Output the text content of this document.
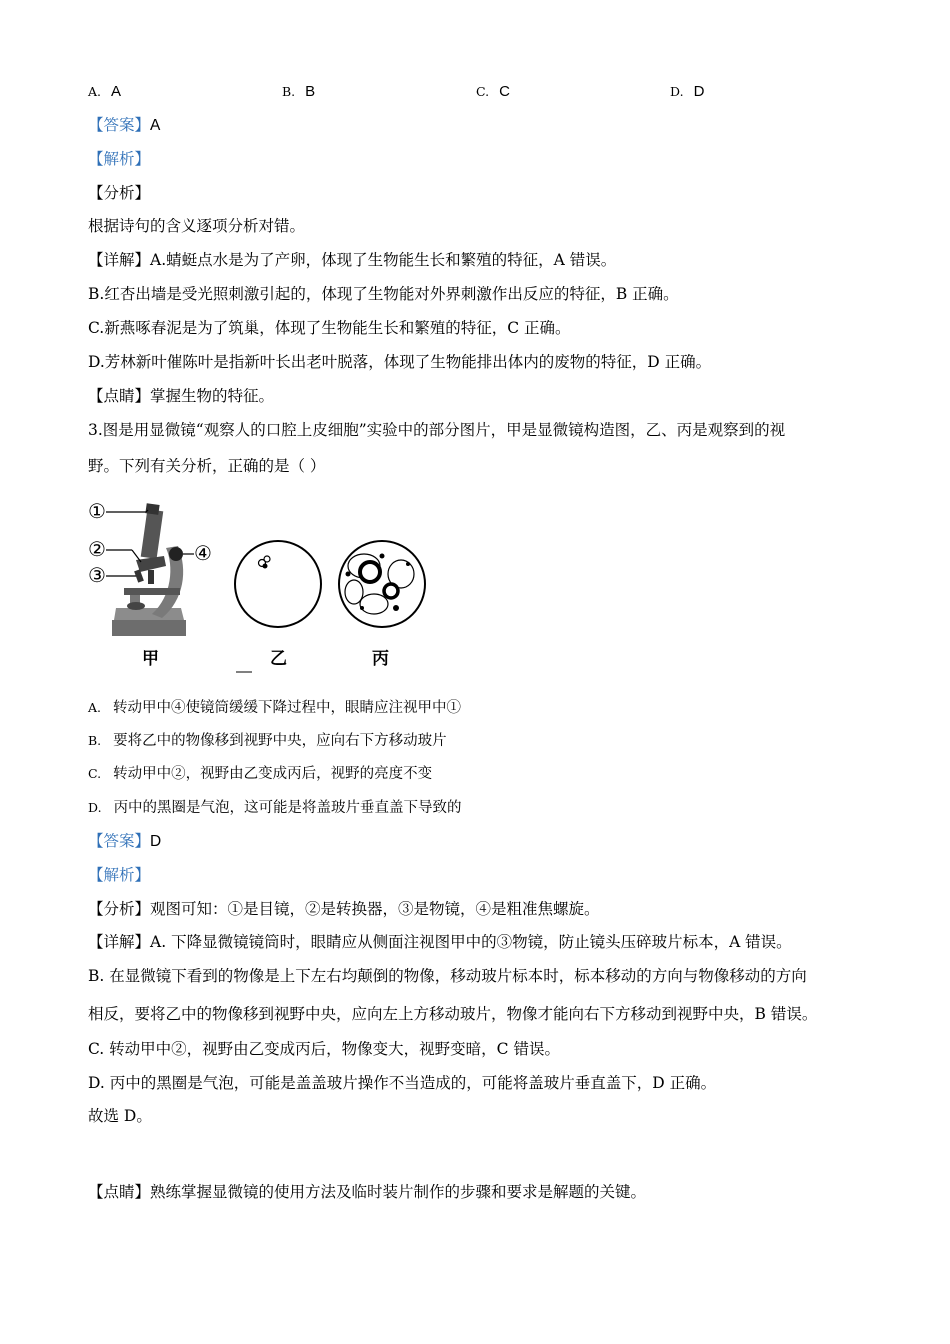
A. A	B. B	C. C	D. D
【答案】A
【解析】
【分析】
根据诗句的含义逐项分析对错。
【详解】A.蜻蜓点水是为了产卵，体现了生物能生长和繁殖的特征，A 错误。
B.红杏出墙是受光照刺激引起的，体现了生物能对外界刺激作出反应的特征，B 正确。
C.新燕啄春泥是为了筑巢，体现了生物能生长和繁殖的特征，C 正确。
D.芳林新叶催陈叶是指新叶长出老叶脱落，体现了生物能排出体内的废物的特征，D 正确。
【点睛】掌握生物的特征。
3.图是用显微镜“观察人的口腔上皮细胞”实验中的部分图片，甲是显微镜构造图，乙、丙是观察到的视
野。下列有关分析，正确的是（ ）
①
②
③
④
甲	乙	丙
A. 转动甲中④使镜筒缓缓下降过程中，眼睛应注视甲中①
B. 要将乙中的物像移到视野中央，应向右下方移动玻片
C. 转动甲中②，视野由乙变成丙后，视野的亮度不变
D. 丙中的黑圈是气泡，这可能是将盖玻片垂直盖下导致的
【答案】D
【解析】
【分析】观图可知：①是目镜，②是转换器，③是物镜，④是粗准焦螺旋。
【详解】A. 下降显微镜镜筒时，眼睛应从侧面注视图甲中的③物镜，防止镜头压碎玻片标本，A 错误。
B. 在显微镜下看到的物像是上下左右均颠倒的物像，移动玻片标本时，标本移动的方向与物像移动的方向
相反，要将乙中的物像移到视野中央，应向左上方移动玻片，物像才能向右下方移动到视野中央，B 错误。
C. 转动甲中②，视野由乙变成丙后，物像变大，视野变暗，C 错误。
D. 丙中的黑圈是气泡，可能是盖盖玻片操作不当造成的，可能将盖玻片垂直盖下，D 正确。
故选 D。
【点睛】熟练掌握显微镜的使用方法及临时装片制作的步骤和要求是解题的关键。
